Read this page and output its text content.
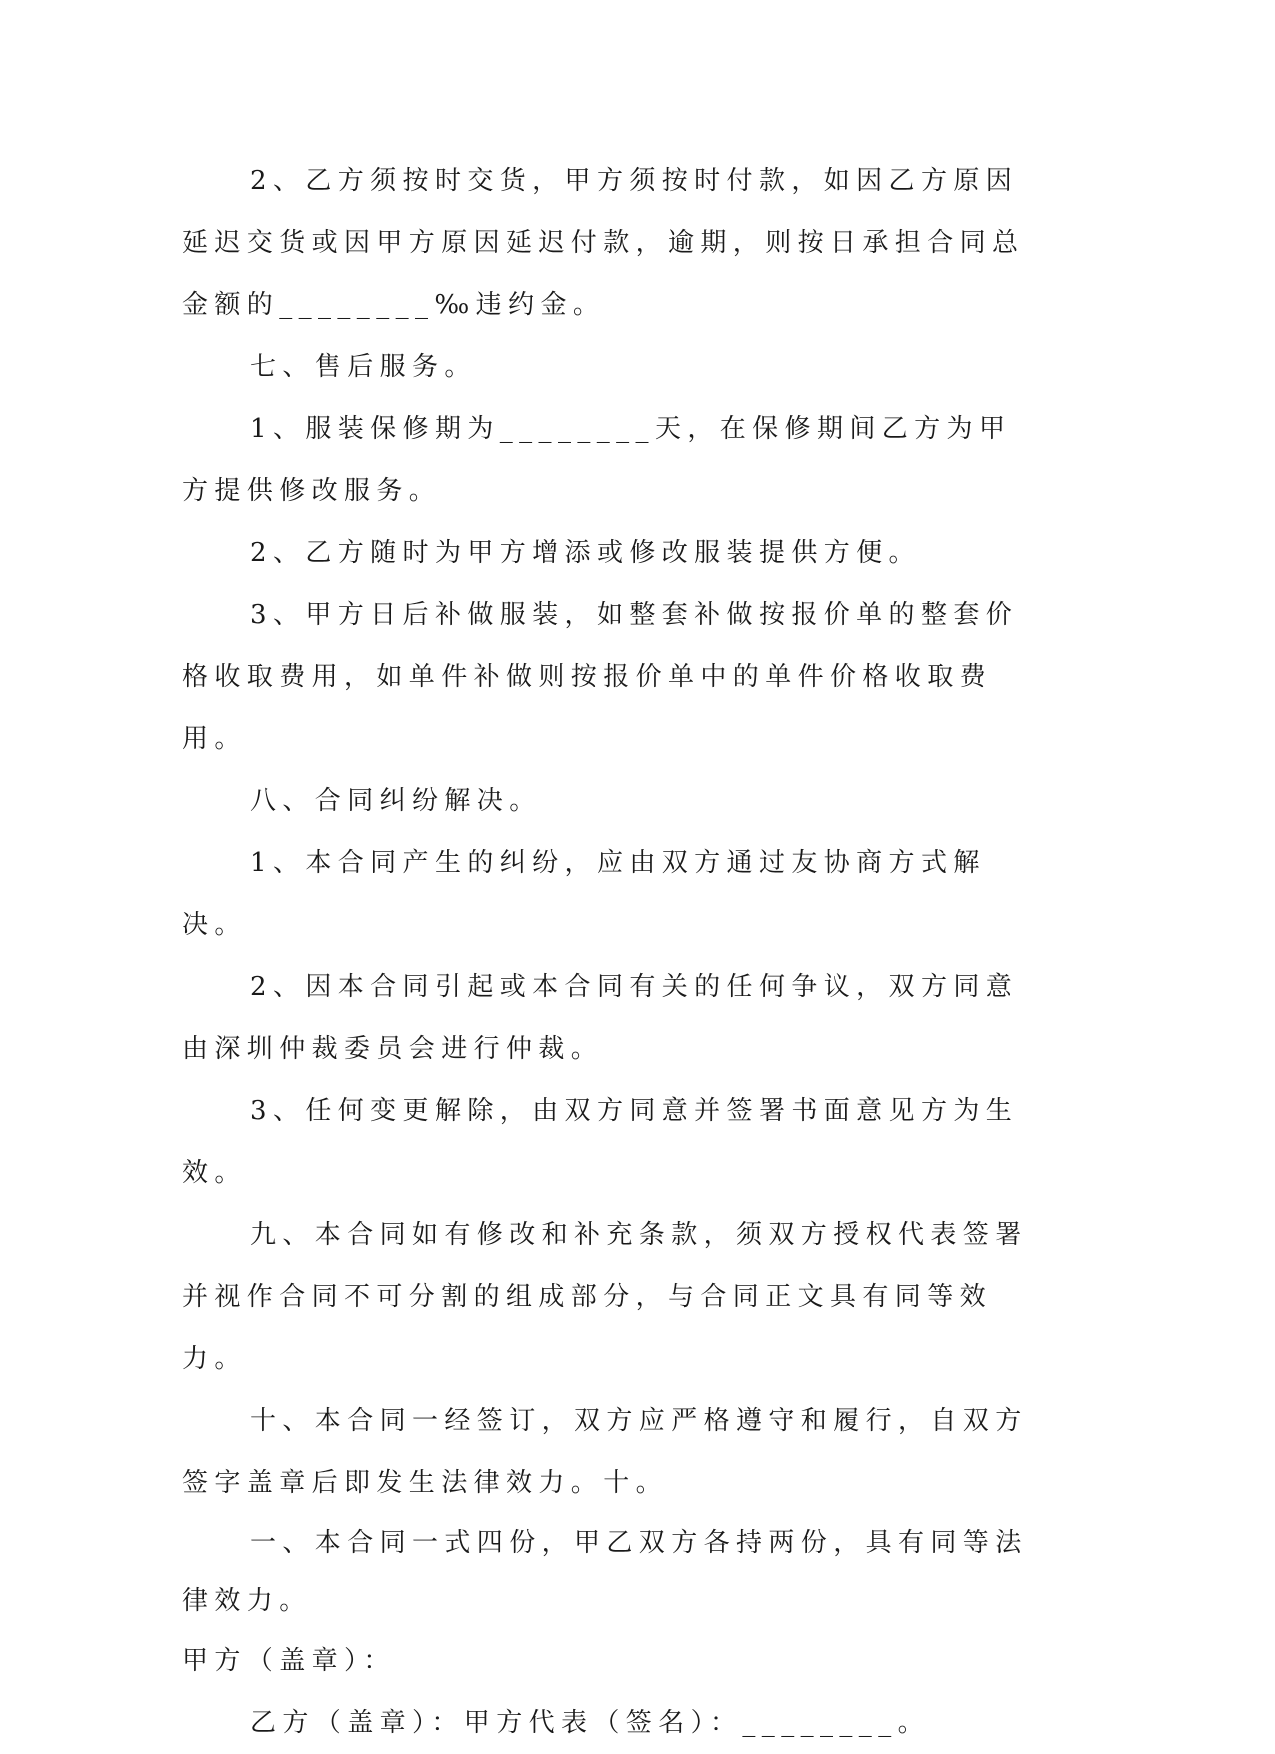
2、乙方须按时交货，甲方须按时付款，如因乙方原因延迟交货或因甲方原因延迟付款，逾期，则按日承担合同总金额的________‰违约金。

七、售后服务。

1、服装保修期为________天，在保修期间乙方为甲方提供修改服务。

2、乙方随时为甲方增添或修改服装提供方便。

3、甲方日后补做服装，如整套补做按报价单的整套价格收取费用，如单件补做则按报价单中的单件价格收取费用。

八、合同纠纷解决。

1、本合同产生的纠纷，应由双方通过友协商方式解决。

2、因本合同引起或本合同有关的任何争议，双方同意由深圳仲裁委员会进行仲裁。

3、任何变更解除，由双方同意并签署书面意见方为生效。

九、本合同如有修改和补充条款，须双方授权代表签署并视作合同不可分割的组成部分，与合同正文具有同等效力。

十、本合同一经签订，双方应严格遵守和履行，自双方签字盖章后即发生法律效力。十。

一、本合同一式四份，甲乙双方各持两份，具有同等法律效力。

甲方（盖章）：

乙方（盖章）：甲方代表（签名）：________。
